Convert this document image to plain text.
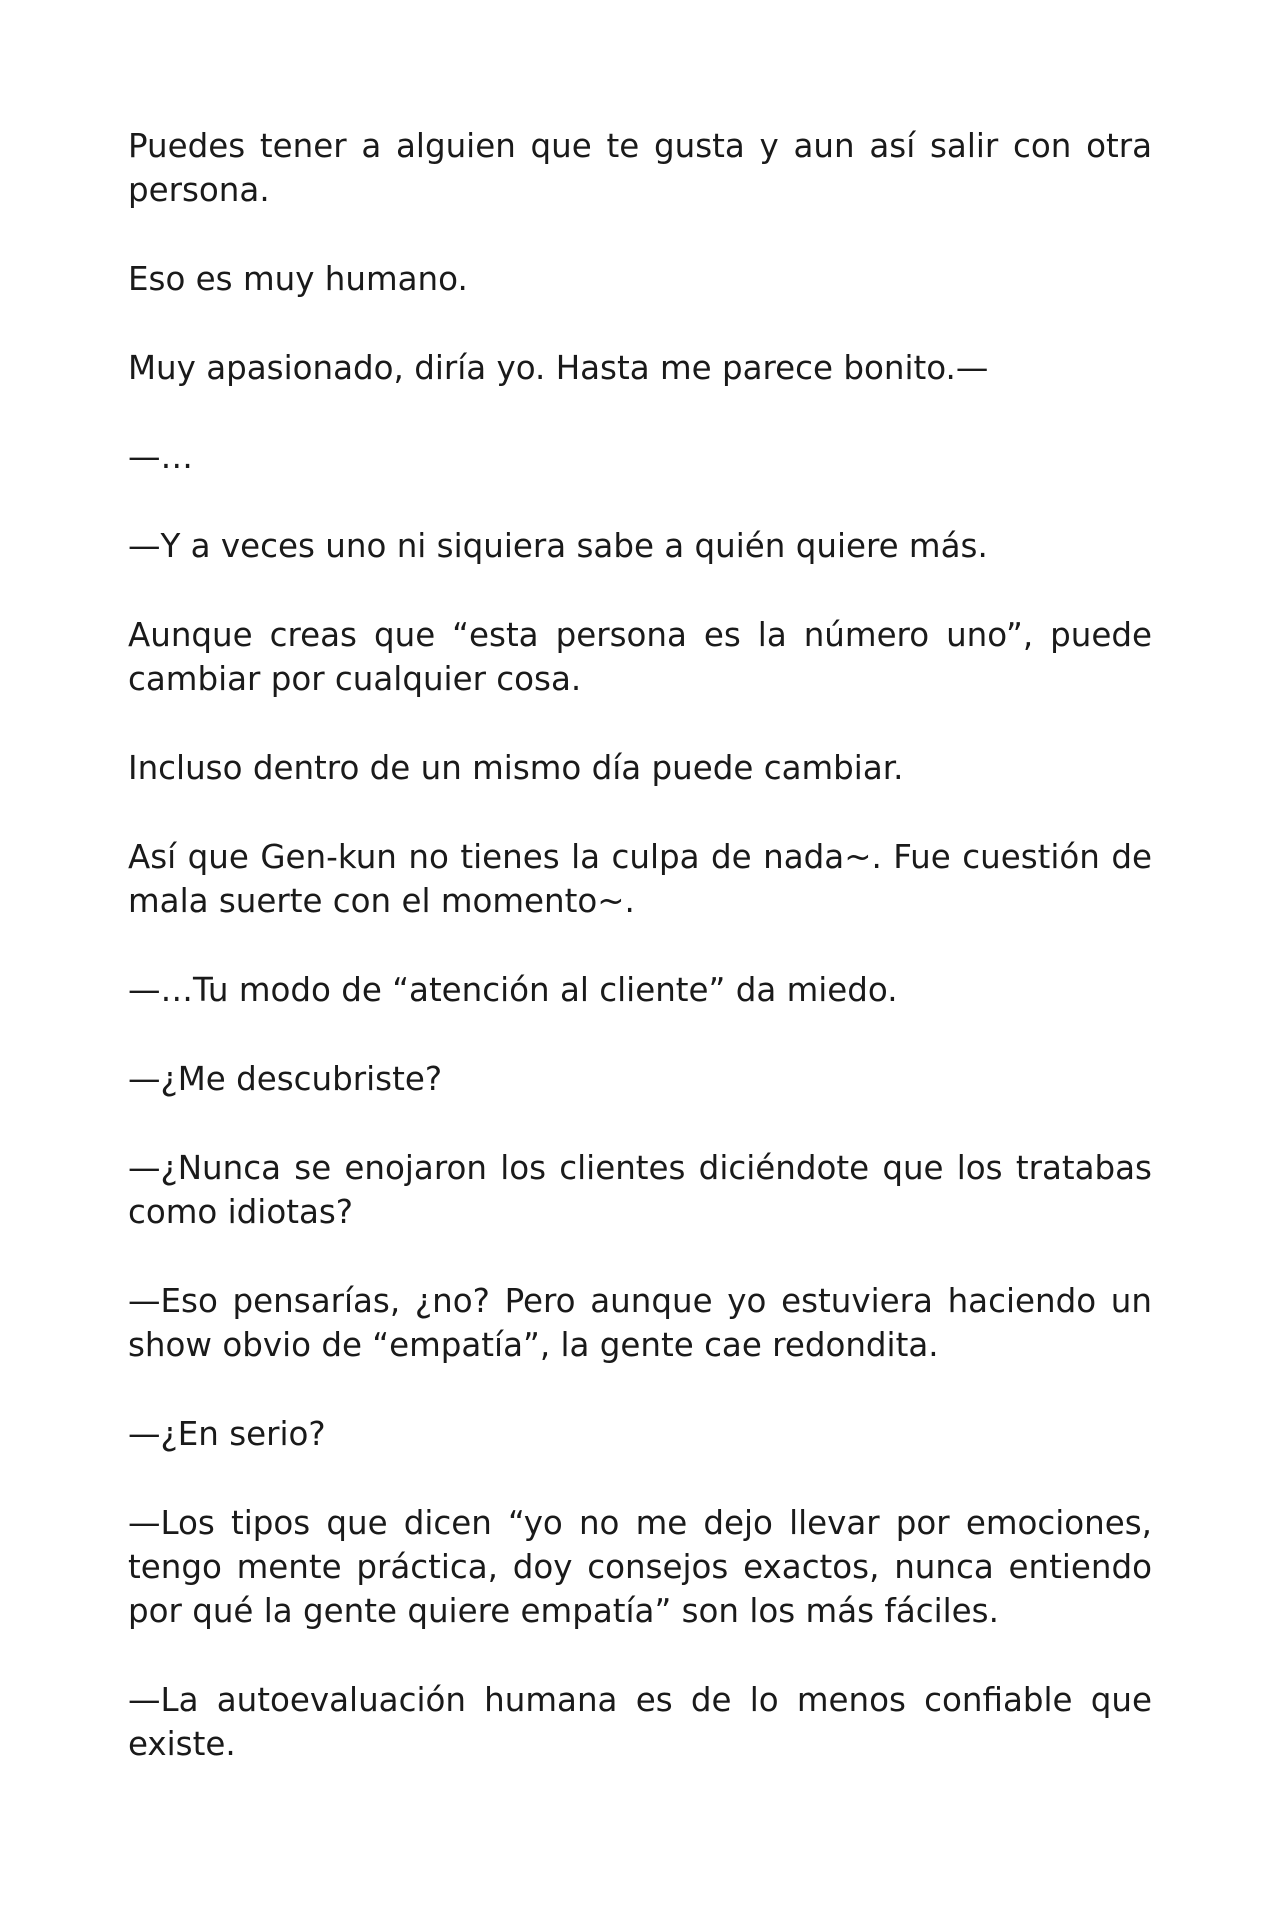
Puedes tener a alguien que te gusta y aun así salir con otra persona.

Eso es muy humano.

Muy apasionado, diría yo. Hasta me parece bonito.—

—…

—Y a veces uno ni siquiera sabe a quién quiere más.

Aunque creas que “esta persona es la número uno”, puede cambiar por cualquier cosa.

Incluso dentro de un mismo día puede cambiar.

Así que Gen-kun no tienes la culpa de nada~. Fue cuestión de mala suerte con el momento~.

—…Tu modo de “atención al cliente” da miedo.

—¿Me descubriste?

—¿Nunca se enojaron los clientes diciéndote que los tratabas como idiotas?

—Eso pensarías, ¿no? Pero aunque yo estuviera haciendo un show obvio de “empatía”, la gente cae redondita.

—¿En serio?

—Los tipos que dicen “yo no me dejo llevar por emociones, tengo mente práctica, doy consejos exactos, nunca entiendo por qué la gente quiere empatía” son los más fáciles.

—La autoevaluación humana es de lo menos confiable que existe.
